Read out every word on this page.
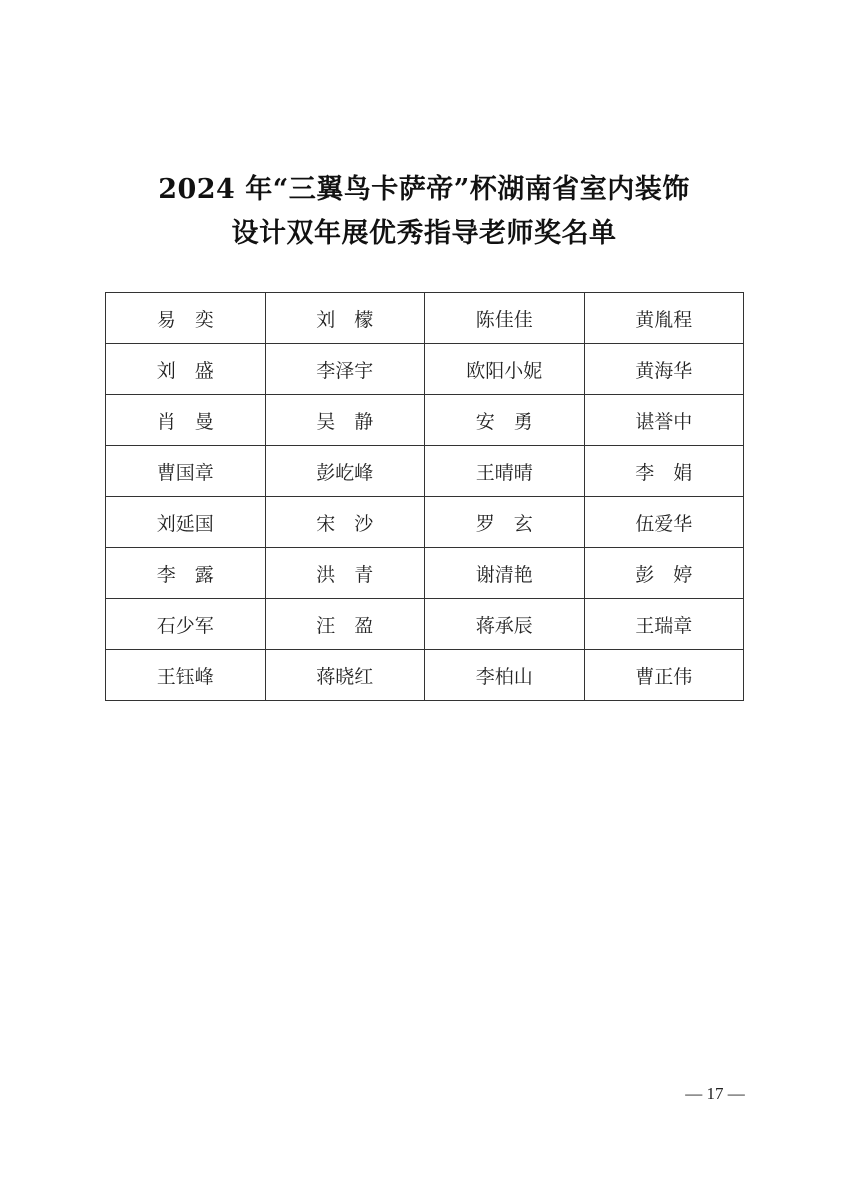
2024 年“三翼鸟卡萨帝”杯湖南省室内装饰
设计双年展优秀指导老师奖名单
易　奕	刘　檬	陈佳佳	黄胤程
刘　盛	李泽宇	欧阳小妮	黄海华
肖　曼	吴　静	安　勇	谌誉中
曹国章	彭屹峰	王晴晴	李　娟
刘延国	宋　沙	罗　玄	伍爱华
李　露	洪　青	谢清艳	彭　婷
石少军	汪　盈	蒋承辰	王瑞章
王钰峰	蒋晓红	李柏山	曹正伟
— 17 —
